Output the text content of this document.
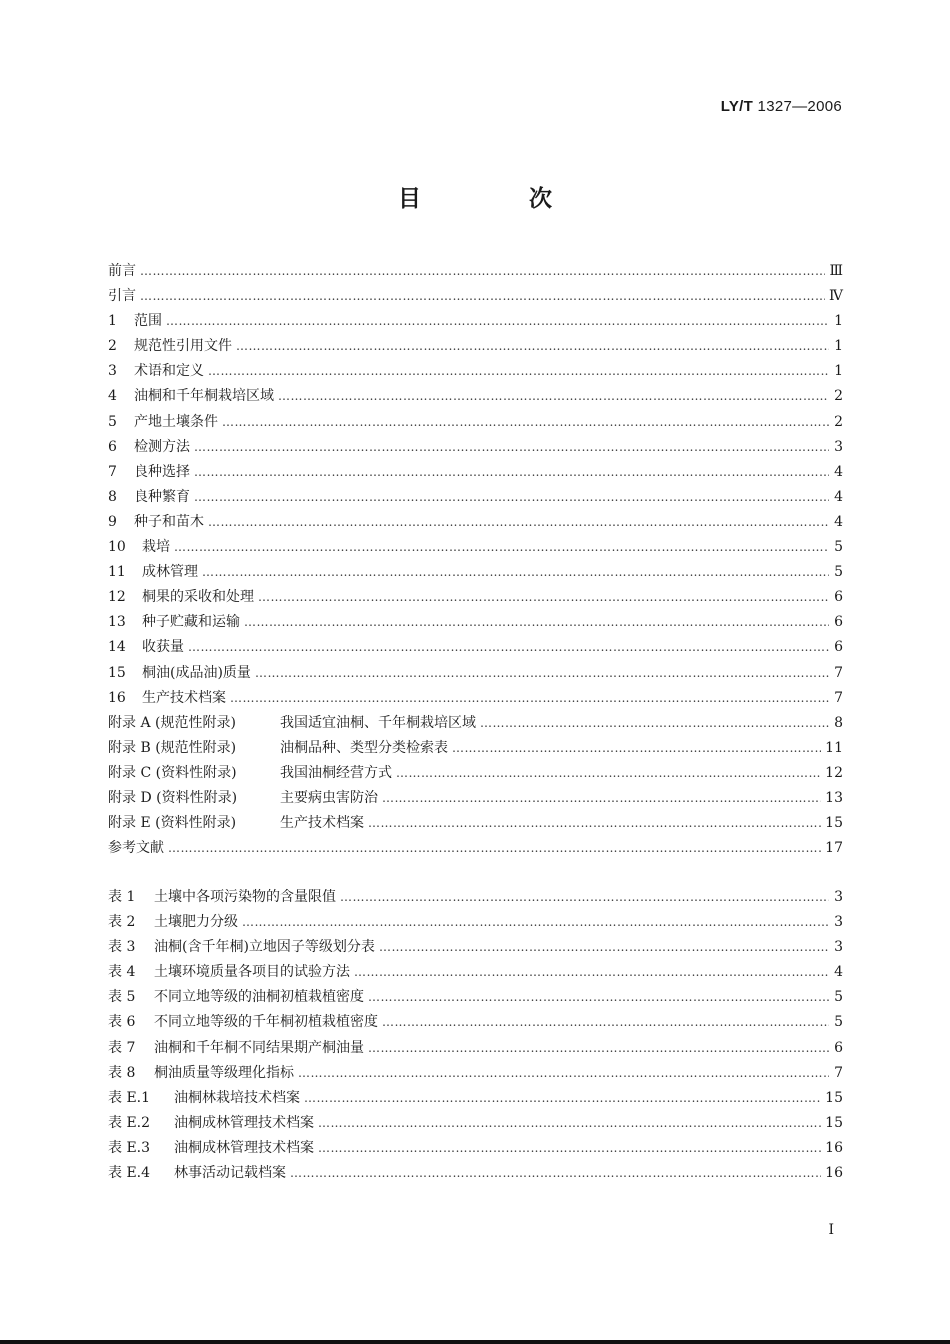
LY/T 1327—2006
目 次
前言 ……………………………………………………………………………………………………………………………………………………………………………………………………………………	Ⅲ
引言 ……………………………………………………………………………………………………………………………………………………………………………………………………………………	Ⅳ
1	范围 ……………………………………………………………………………………………………………………………………………………………………………………………………………………	1
2	规范性引用文件 ……………………………………………………………………………………………………………………………………………………………………………………………………………………	1
3	术语和定义 ……………………………………………………………………………………………………………………………………………………………………………………………………………………	1
4	油桐和千年桐栽培区域 ……………………………………………………………………………………………………………………………………………………………………………………………………………………	2
5	产地土壤条件 ……………………………………………………………………………………………………………………………………………………………………………………………………………………	2
6	检测方法 ……………………………………………………………………………………………………………………………………………………………………………………………………………………	3
7	良种选择 ……………………………………………………………………………………………………………………………………………………………………………………………………………………	4
8	良种繁育 ……………………………………………………………………………………………………………………………………………………………………………………………………………………	4
9	种子和苗木 ……………………………………………………………………………………………………………………………………………………………………………………………………………………	4
10	栽培 ……………………………………………………………………………………………………………………………………………………………………………………………………………………	5
11	成林管理 ……………………………………………………………………………………………………………………………………………………………………………………………………………………	5
12	桐果的采收和处理 ……………………………………………………………………………………………………………………………………………………………………………………………………………………	6
13	种子贮藏和运输 ……………………………………………………………………………………………………………………………………………………………………………………………………………………	6
14	收获量 ……………………………………………………………………………………………………………………………………………………………………………………………………………………	6
15	桐油(成品油)质量 ……………………………………………………………………………………………………………………………………………………………………………………………………………………	7
16	生产技术档案 ……………………………………………………………………………………………………………………………………………………………………………………………………………………	7
附录 A (规范性附录)	我国适宜油桐、千年桐栽培区域 ……………………………………………………………………………………………………………………………………………………………………………………………………………………	8
附录 B (规范性附录)	油桐品种、类型分类检索表 ……………………………………………………………………………………………………………………………………………………………………………………………………………………	11
附录 C (资料性附录)	我国油桐经营方式 ……………………………………………………………………………………………………………………………………………………………………………………………………………………	12
附录 D (资料性附录)	主要病虫害防治 ……………………………………………………………………………………………………………………………………………………………………………………………………………………	13
附录 E (资料性附录)	生产技术档案 ……………………………………………………………………………………………………………………………………………………………………………………………………………………	15
参考文献 ……………………………………………………………………………………………………………………………………………………………………………………………………………………	17
表 1	土壤中各项污染物的含量限值 ……………………………………………………………………………………………………………………………………………………………………………………………………………………	3
表 2	土壤肥力分级 ……………………………………………………………………………………………………………………………………………………………………………………………………………………	3
表 3	油桐(含千年桐)立地因子等级划分表 ……………………………………………………………………………………………………………………………………………………………………………………………………………………	3
表 4	土壤环境质量各项目的试验方法 ……………………………………………………………………………………………………………………………………………………………………………………………………………………	4
表 5	不同立地等级的油桐初植栽植密度 ……………………………………………………………………………………………………………………………………………………………………………………………………………………	5
表 6	不同立地等级的千年桐初植栽植密度 ……………………………………………………………………………………………………………………………………………………………………………………………………………………	5
表 7	油桐和千年桐不同结果期产桐油量 ……………………………………………………………………………………………………………………………………………………………………………………………………………………	6
表 8	桐油质量等级理化指标 ……………………………………………………………………………………………………………………………………………………………………………………………………………………	7
表 E.1	油桐林栽培技术档案 ……………………………………………………………………………………………………………………………………………………………………………………………………………………	15
表 E.2	油桐成林管理技术档案 ……………………………………………………………………………………………………………………………………………………………………………………………………………………	15
表 E.3	油桐成林管理技术档案 ……………………………………………………………………………………………………………………………………………………………………………………………………………………	16
表 E.4	林事活动记载档案 ……………………………………………………………………………………………………………………………………………………………………………………………………………………	16
I
